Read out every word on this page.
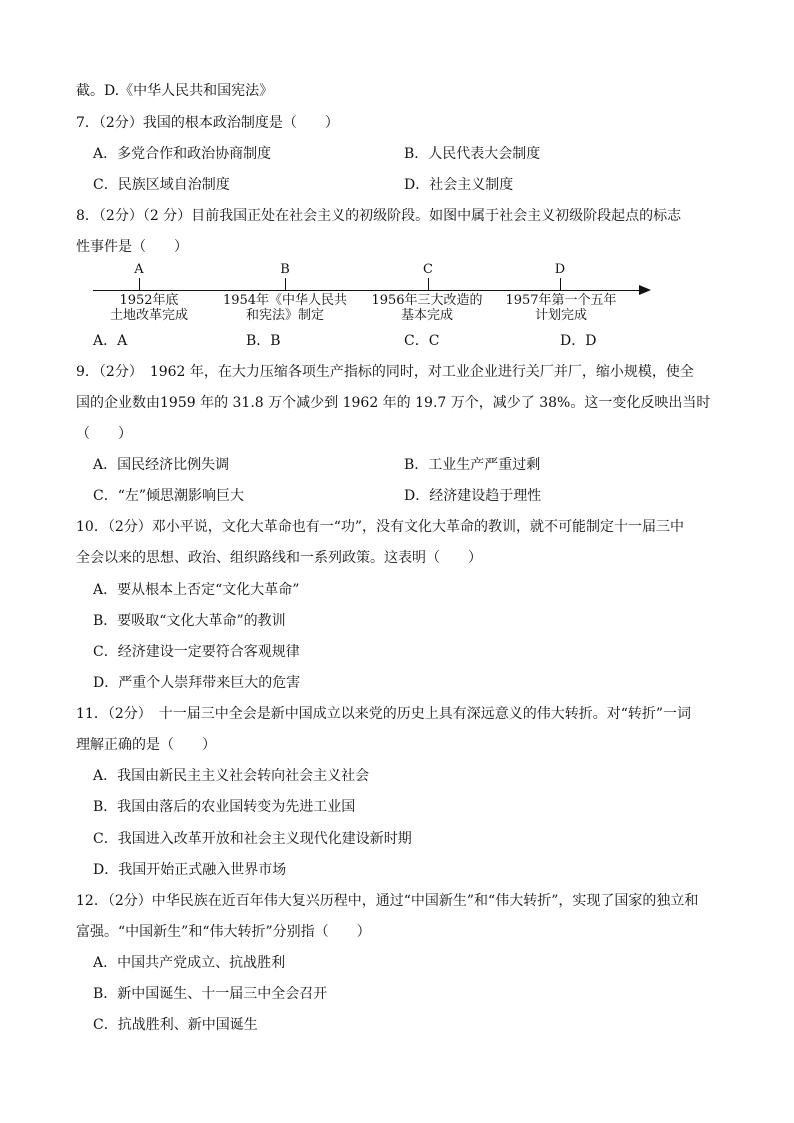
截。D.《中华人民共和国宪法》
7．（2分）我国的根本政治制度是（　　）
A．多党合作和政治协商制度	B．人民代表大会制度
C．民族区域自治制度	D．社会主义制度
8．（2分）（2 分）目前我国正处在社会主义的初级阶段。如图中属于社会主义初级阶段起点的标志
性事件是（　　）
A
1952年底
土地改革完成
B
1954年《中华人民共
和宪法》制定
C
1956年三大改造的
基本完成
D
1957年第一个五年
计划完成
A．A	B．B	C．C	D．D
9．（2分）　1962 年，在大力压缩各项生产指标的同时，对工业企业进行关厂并厂，缩小规模，使全
国的企业数由1959 年的 31.8 万个减少到 1962 年的 19.7 万个，减少了 38%。这一变化反映出当时
（　　）
A．国民经济比例失调	B．工业生产严重过剩
C．“左”倾思潮影响巨大	D．经济建设趋于理性
10．（2分）邓小平说，文化大革命也有一“功”，没有文化大革命的教训，就不可能制定十一届三中
全会以来的思想、政治、组织路线和一系列政策。这表明（　　）
A．要从根本上否定“文化大革命”
B．要吸取“文化大革命”的教训
C．经济建设一定要符合客观规律
D．严重个人崇拜带来巨大的危害
11．（2分）　十一届三中全会是新中国成立以来党的历史上具有深远意义的伟大转折。对“转折”一词
理解正确的是（　　）
A．我国由新民主主义社会转向社会主义社会
B．我国由落后的农业国转变为先进工业国
C．我国进入改革开放和社会主义现代化建设新时期
D．我国开始正式融入世界市场
12．（2分）中华民族在近百年伟大复兴历程中，通过“中国新生”和“伟大转折”，实现了国家的独立和
富强。“中国新生”和“伟大转折”分别指（　　）
A．中国共产党成立、抗战胜利
B．新中国诞生、十一届三中全会召开
C．抗战胜利、新中国诞生
